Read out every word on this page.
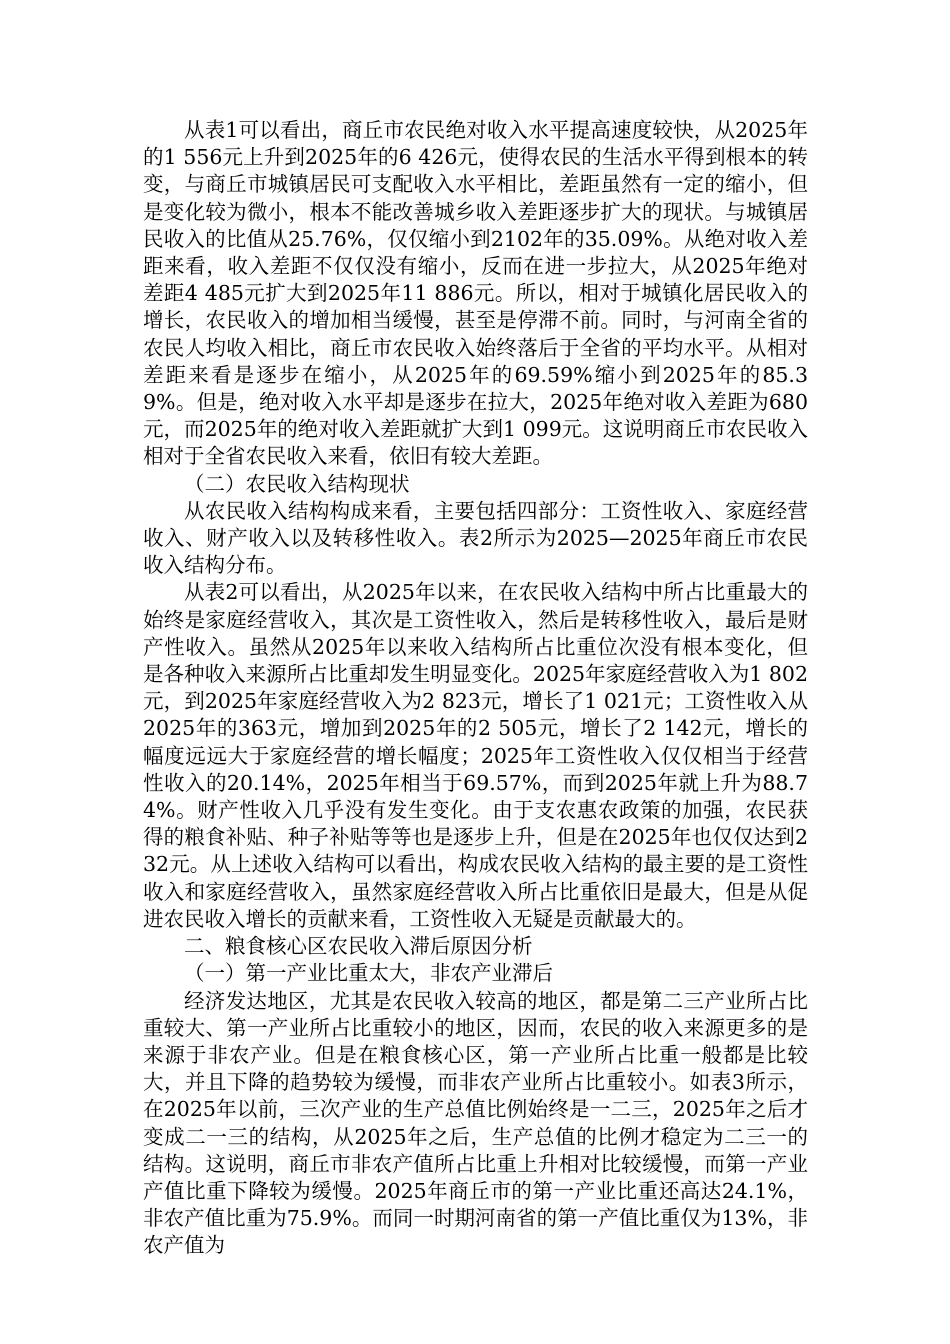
从表1可以看出，商丘市农民绝对收入水平提高速度较快，从2025年的1 556元上升到2025年的6 426元，使得农民的生活水平得到根本的转变，与商丘市城镇居民可支配收入水平相比，差距虽然有一定的缩小，但是变化较为微小，根本不能改善城乡收入差距逐步扩大的现状。与城镇居民收入的比值从25.76%，仅仅缩小到2102年的35.09%。从绝对收入差距来看，收入差距不仅仅没有缩小，反而在进一步拉大，从2025年绝对差距4 485元扩大到2025年11 886元。所以，相对于城镇化居民收入的增长，农民收入的增加相当缓慢，甚至是停滞不前。同时，与河南全省的农民人均收入相比，商丘市农民收入始终落后于全省的平均水平。从相对差距来看是逐步在缩小，从2025年的69.59%缩小到2025年的85.39%。但是，绝对收入水平却是逐步在拉大，2025年绝对收入差距为680元，而2025年的绝对收入差距就扩大到1 099元。这说明商丘市农民收入相对于全省农民收入来看，依旧有较大差距。

（二）农民收入结构现状

从农民收入结构构成来看，主要包括四部分：工资性收入、家庭经营收入、财产收入以及转移性收入。表2所示为2025—2025年商丘市农民收入结构分布。

从表2可以看出，从2025年以来，在农民收入结构中所占比重最大的始终是家庭经营收入，其次是工资性收入，然后是转移性收入，最后是财产性收入。虽然从2025年以来收入结构所占比重位次没有根本变化，但是各种收入来源所占比重却发生明显变化。2025年家庭经营收入为1 802元，到2025年家庭经营收入为2 823元，增长了1 021元；工资性收入从2025年的363元，增加到2025年的2 505元，增长了2 142元，增长的幅度远远大于家庭经营的增长幅度；2025年工资性收入仅仅相当于经营性收入的20.14%，2025年相当于69.57%，而到2025年就上升为88.74%。财产性收入几乎没有发生变化。由于支农惠农政策的加强，农民获得的粮食补贴、种子补贴等等也是逐步上升，但是在2025年也仅仅达到232元。从上述收入结构可以看出，构成农民收入结构的最主要的是工资性收入和家庭经营收入，虽然家庭经营收入所占比重依旧是最大，但是从促进农民收入增长的贡献来看，工资性收入无疑是贡献最大的。

二、粮食核心区农民收入滞后原因分析

（一）第一产业比重太大，非农产业滞后

经济发达地区，尤其是农民收入较高的地区，都是第二三产业所占比重较大、第一产业所占比重较小的地区，因而，农民的收入来源更多的是来源于非农产业。但是在粮食核心区，第一产业所占比重一般都是比较大，并且下降的趋势较为缓慢，而非农产业所占比重较小。如表3所示，在2025年以前，三次产业的生产总值比例始终是一二三，2025年之后才变成二一三的结构，从2025年之后，生产总值的比例才稳定为二三一的结构。这说明，商丘市非农产值所占比重上升相对比较缓慢，而第一产业产值比重下降较为缓慢。2025年商丘市的第一产业比重还高达24.1%，非农产值比重为75.9%。而同一时期河南省的第一产值比重仅为13%，非农产值为
